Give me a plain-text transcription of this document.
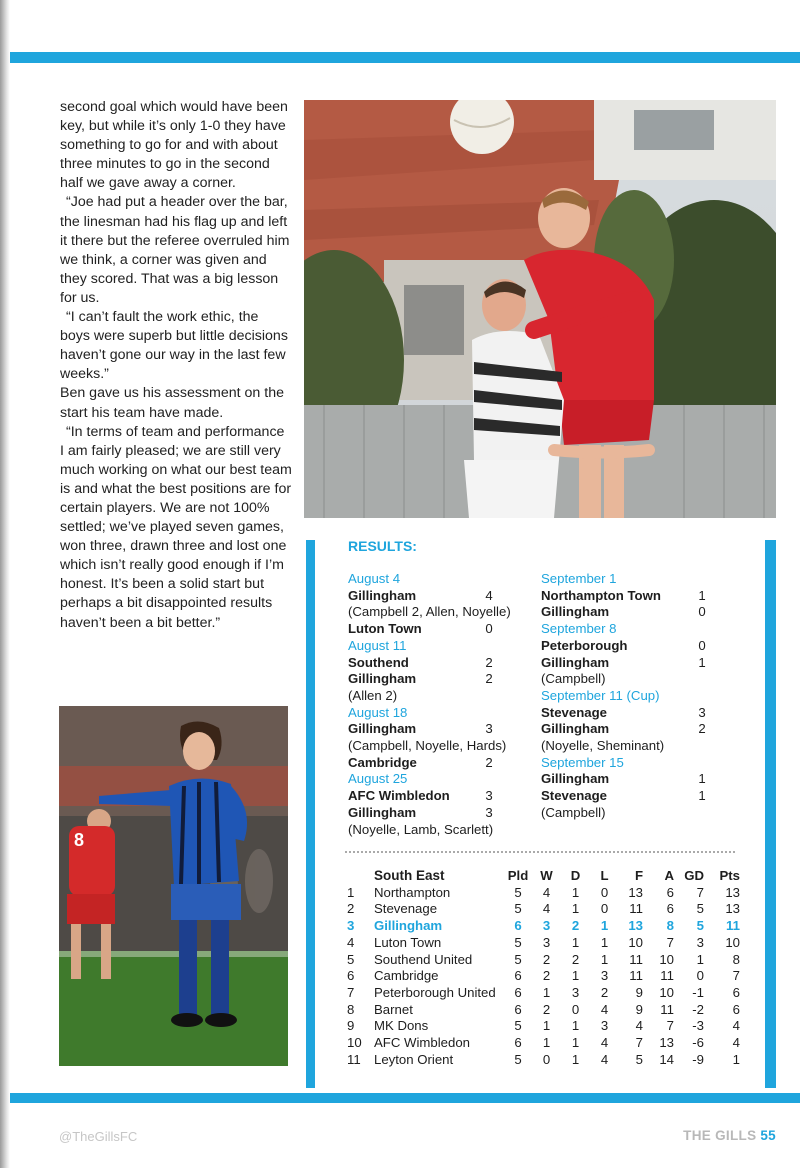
second goal which would have been key, but while it’s only 1-0 they have something to go for and with about three minutes to go in the second half we gave away a corner.

“Joe had put a header over the bar, the linesman had his flag up and left it there but the referee overruled him we think, a corner was given and they scored. That was a big lesson for us.

“I can’t fault the work ethic, the boys were superb but little decisions haven’t gone our way in the last few weeks.”

Ben gave us his assessment on the start his team have made.

“In terms of team and performance I am fairly pleased; we are still very much working on what our best team is and what the best positions are for certain players. We are not 100% settled; we’ve played seven games, won three, drawn three and lost one which isn’t really good enough if I’m honest. It’s been a solid start but perhaps a bit disappointed results haven’t been a bit better.”

8
RESULTS:
August 4
Gillingham	4
(Campbell 2, Allen, Noyelle)
Luton Town	0
August 11
Southend	2
Gillingham	2
(Allen 2)
August 18
Gillingham	3
(Campbell, Noyelle, Hards)
Cambridge	2
August 25
AFC Wimbledon	3
Gillingham	3
(Noyelle, Lamb, Scarlett)
September 1
Northampton Town	1
Gillingham	0
September 8
Peterborough	0
Gillingham	1
(Campbell)
September 11 (Cup)
Stevenage	3
Gillingham	2
(Noyelle, Sheminant)
September 15
Gillingham	1
Stevenage	1
(Campbell)
	South East	Pld	W	D	L	F	A	GD	Pts
1	Northampton	5	4	1	0	13	6	7	13
2	Stevenage	5	4	1	0	11	6	5	13
3	Gillingham	6	3	2	1	13	8	5	11
4	Luton Town	5	3	1	1	10	7	3	10
5	Southend United	5	2	2	1	11	10	1	8
6	Cambridge	6	2	1	3	11	11	0	7
7	Peterborough United	6	1	3	2	9	10	-1	6
8	Barnet	6	2	0	4	9	11	-2	6
9	MK Dons	5	1	1	3	4	7	-3	4
10	AFC Wimbledon	6	1	1	4	7	13	-6	4
11	Leyton Orient	5	0	1	4	5	14	-9	1
@TheGillsFC	THE GILLS 55
